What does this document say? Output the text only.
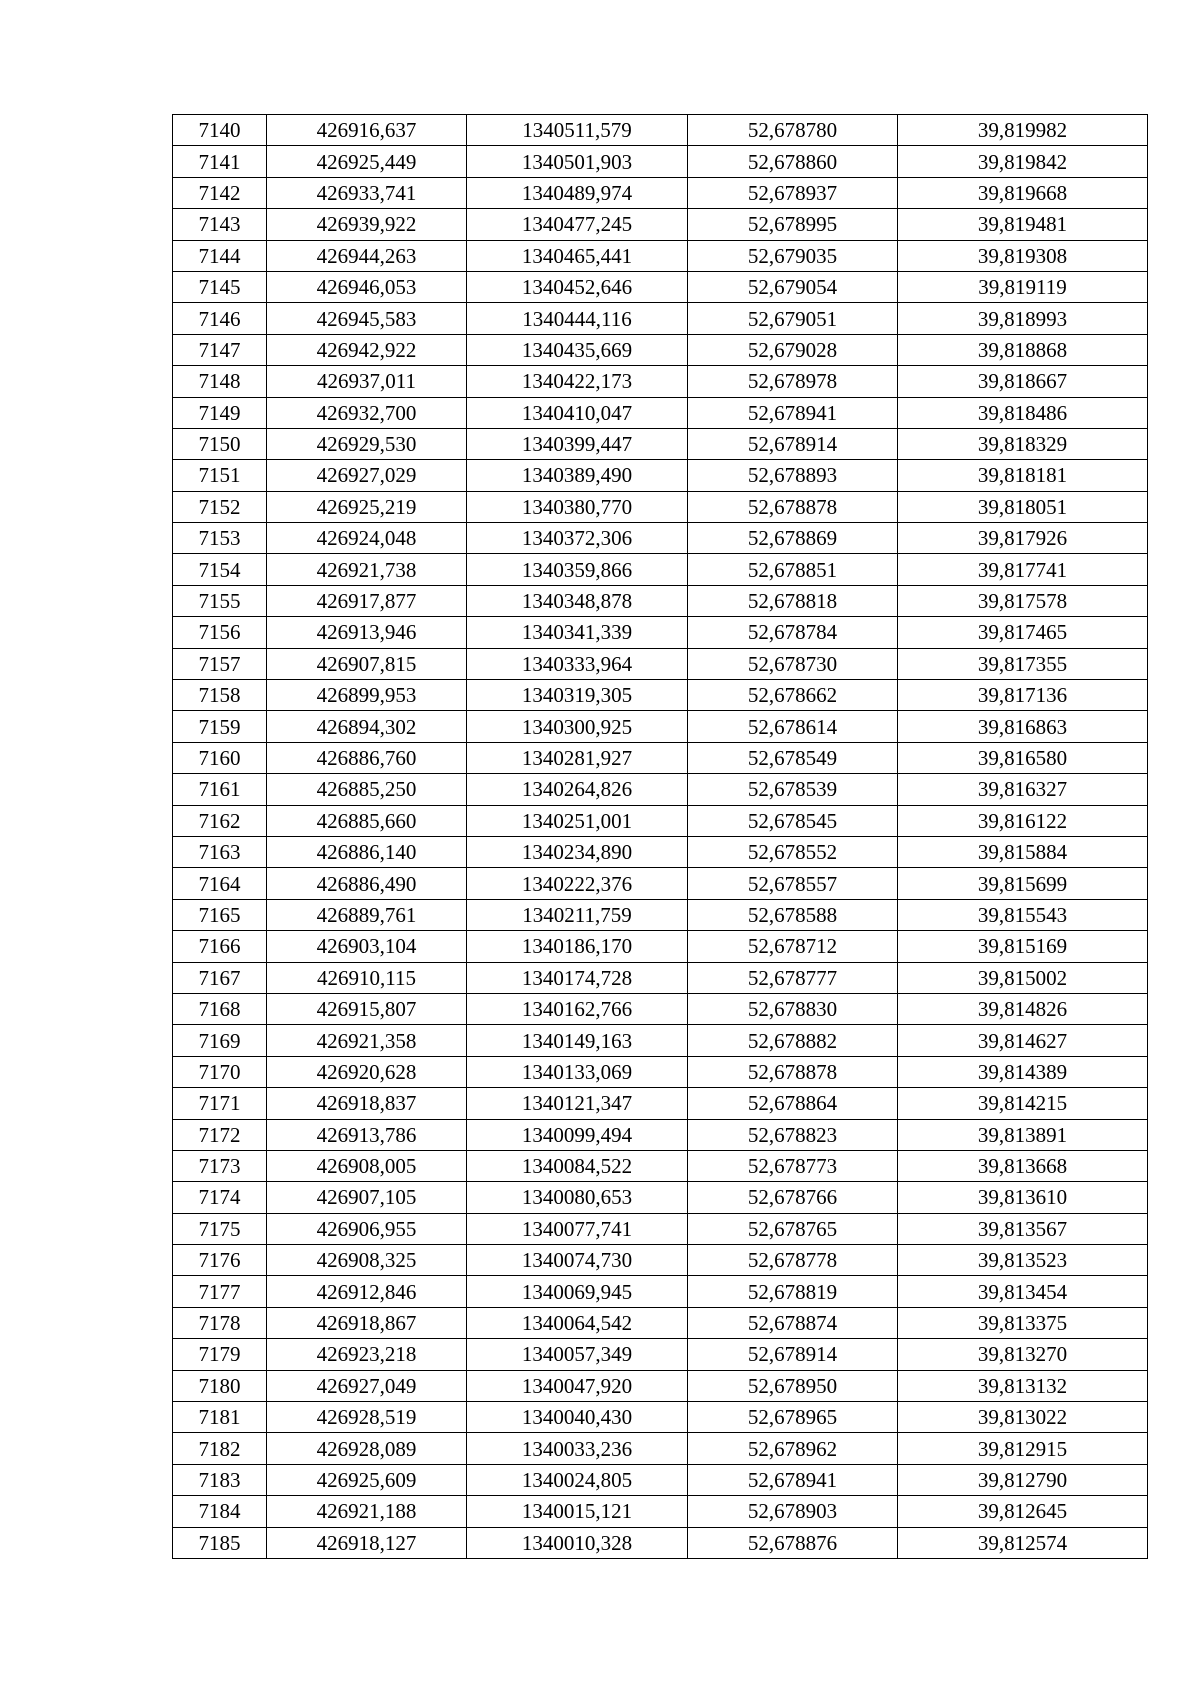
7140	426916,637	1340511,579	52,678780	39,819982
7141	426925,449	1340501,903	52,678860	39,819842
7142	426933,741	1340489,974	52,678937	39,819668
7143	426939,922	1340477,245	52,678995	39,819481
7144	426944,263	1340465,441	52,679035	39,819308
7145	426946,053	1340452,646	52,679054	39,819119
7146	426945,583	1340444,116	52,679051	39,818993
7147	426942,922	1340435,669	52,679028	39,818868
7148	426937,011	1340422,173	52,678978	39,818667
7149	426932,700	1340410,047	52,678941	39,818486
7150	426929,530	1340399,447	52,678914	39,818329
7151	426927,029	1340389,490	52,678893	39,818181
7152	426925,219	1340380,770	52,678878	39,818051
7153	426924,048	1340372,306	52,678869	39,817926
7154	426921,738	1340359,866	52,678851	39,817741
7155	426917,877	1340348,878	52,678818	39,817578
7156	426913,946	1340341,339	52,678784	39,817465
7157	426907,815	1340333,964	52,678730	39,817355
7158	426899,953	1340319,305	52,678662	39,817136
7159	426894,302	1340300,925	52,678614	39,816863
7160	426886,760	1340281,927	52,678549	39,816580
7161	426885,250	1340264,826	52,678539	39,816327
7162	426885,660	1340251,001	52,678545	39,816122
7163	426886,140	1340234,890	52,678552	39,815884
7164	426886,490	1340222,376	52,678557	39,815699
7165	426889,761	1340211,759	52,678588	39,815543
7166	426903,104	1340186,170	52,678712	39,815169
7167	426910,115	1340174,728	52,678777	39,815002
7168	426915,807	1340162,766	52,678830	39,814826
7169	426921,358	1340149,163	52,678882	39,814627
7170	426920,628	1340133,069	52,678878	39,814389
7171	426918,837	1340121,347	52,678864	39,814215
7172	426913,786	1340099,494	52,678823	39,813891
7173	426908,005	1340084,522	52,678773	39,813668
7174	426907,105	1340080,653	52,678766	39,813610
7175	426906,955	1340077,741	52,678765	39,813567
7176	426908,325	1340074,730	52,678778	39,813523
7177	426912,846	1340069,945	52,678819	39,813454
7178	426918,867	1340064,542	52,678874	39,813375
7179	426923,218	1340057,349	52,678914	39,813270
7180	426927,049	1340047,920	52,678950	39,813132
7181	426928,519	1340040,430	52,678965	39,813022
7182	426928,089	1340033,236	52,678962	39,812915
7183	426925,609	1340024,805	52,678941	39,812790
7184	426921,188	1340015,121	52,678903	39,812645
7185	426918,127	1340010,328	52,678876	39,812574
